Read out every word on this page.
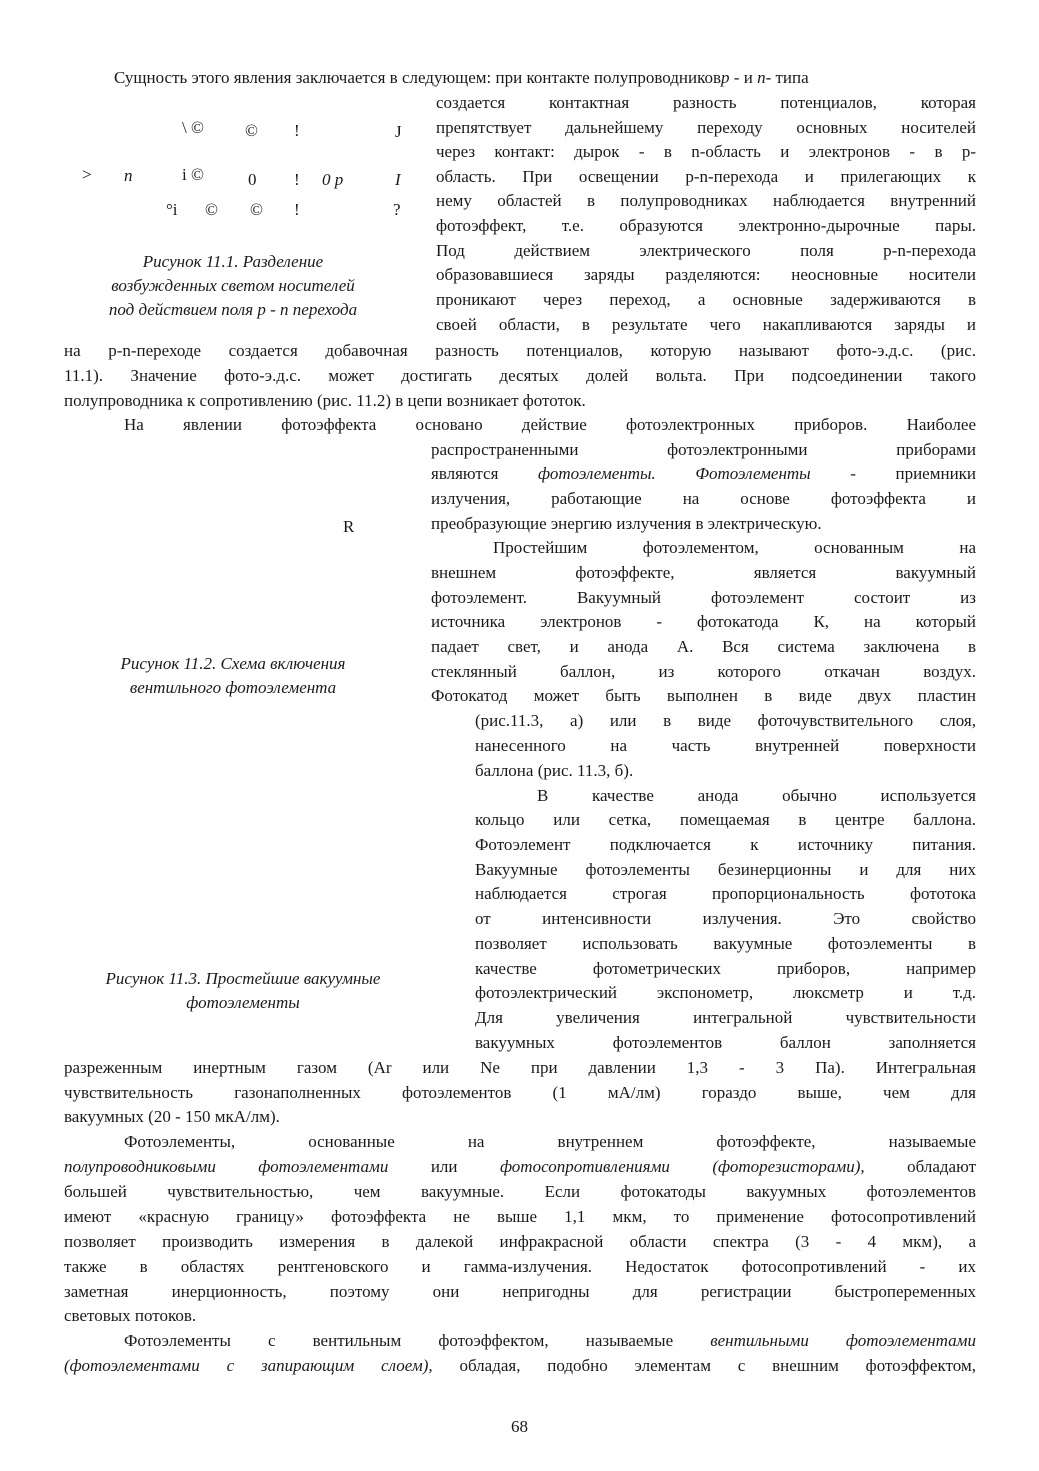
\ © © !	J
> n	i ©	0 ! 0 p	I
°i © © !	?
Рисунок 11.1. Разделение
возбужденных светом носителей
под действием поля p - n перехода
R
Рисунок 11.2. Схема включения
вентильного фотоэлемента
Рисунок 11.3. Простейшие вакуумные
фотоэлементы
Сущность этого явления заключается в следующем: при контакте полупроводниковр - и n- типа
создается контактная разность потенциалов, которая
препятствует дальнейшему переходу основных носителей
через контакт: дырок - в n-область и электронов - в р-
область. При освещении р-n-перехода и прилегающих к
нему областей в полупроводниках наблюдается внутренний
фотоэффект, т.е. образуются электронно-дырочные пары.
Под действием электрического поля р-n-перехода
образовавшиеся заряды разделяются: неосновные носители
проникают через переход, а основные задерживаются в
своей области, в результате чего накапливаются заряды и
на р-n-переходе создается добавочная разность потенциалов, которую называют фото-э.д.с. (рис.
11.1). Значение фото-э.д.с. может достигать десятых долей вольта. При подсоединении такого
полупроводника к сопротивлению (рис. 11.2) в цепи возникает фототок.
На явлении фотоэффекта основано действие фотоэлектронных приборов. Наиболее
распространенными фотоэлектронными приборами
являются фотоэлементы. Фотоэлементы - приемники
излучения, работающие на основе фотоэффекта и
преобразующие энергию излучения в электрическую.
Простейшим фотоэлементом, основанным на
внешнем фотоэффекте, является вакуумный
фотоэлемент. Вакуумный фотоэлемент состоит из
источника электронов - фотокатода К, на который
падает свет, и анода А. Вся система заключена в
стеклянный баллон, из которого откачан воздух.
Фотокатод может быть выполнен в виде двух пластин
(рис.11.3, а) или в виде фоточувствительного слоя,
нанесенного на часть внутренней поверхности
баллона (рис. 11.3, б).
В качестве анода обычно используется
кольцо или сетка, помещаемая в центре баллона.
Фотоэлемент подключается к источнику питания.
Вакуумные фотоэлементы безинерционны и для них
наблюдается строгая пропорциональность фототока
от интенсивности излучения. Это свойство
позволяет использовать вакуумные фотоэлементы в
качестве фотометрических приборов, например
фотоэлектрический экспонометр, люксметр и т.д.
Для увеличения интегральной чувствительности
вакуумных фотоэлементов баллон заполняется
разреженным инертным газом (Ar или Ne при давлении 1,3 - 3 Па). Интегральная
чувствительность газонаполненных фотоэлементов (1 мА/лм) гораздо выше, чем для
вакуумных (20 - 150 мкА/лм).
Фотоэлементы, основанные на внутреннем фотоэффекте, называемые
полупроводниковыми фотоэлементами или фотосопротивлениями (фоторезисторами), обладают
большей чувствительностью, чем вакуумные. Если фотокатоды вакуумных фотоэлементов
имеют «красную границу» фотоэффекта не выше 1,1 мкм, то применение фотосопротивлений
позволяет производить измерения в далекой инфракрасной области спектра (3 - 4 мкм), а
также в областях рентгеновского и гамма-излучения. Недостаток фотосопротивлений - их
заметная инерционность, поэтому они непригодны для регистрации быстропеременных
световых потоков.
Фотоэлементы с вентильным фотоэффектом, называемые вентильными фотоэлементами
(фотоэлементами с запирающим слоем), обладая, подобно элементам с внешним фотоэффектом,
68
